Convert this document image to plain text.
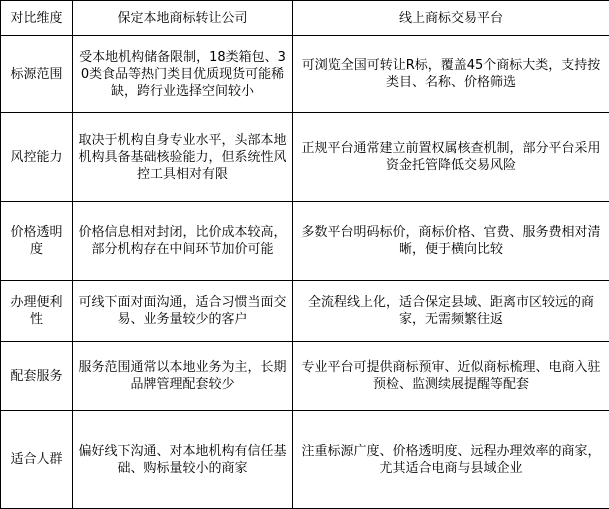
对比维度	保定本地商标转让公司	线上商标交易平台
标源范围	受本地机构储备限制，18类箱包、30类食品等热门类目优质现货可能稀缺，跨行业选择空间较小	可浏览全国可转让R标，覆盖45个商标大类，支持按类目、名称、价格筛选
风控能力	取决于机构自身专业水平，头部本地机构具备基础核验能力，但系统性风控工具相对有限	正规平台通常建立前置权属核查机制，部分平台采用资金托管降低交易风险
价格透明度	价格信息相对封闭，比价成本较高，部分机构存在中间环节加价可能	多数平台明码标价，商标价格、官费、服务费相对清晰，便于横向比较
办理便利性	可线下面对面沟通，适合习惯当面交易、业务量较少的客户	全流程线上化，适合保定县域、距离市区较远的商家，无需频繁往返
配套服务	服务范围通常以本地业务为主，长期品牌管理配套较少	专业平台可提供商标预审、近似商标梳理、电商入驻预检、监测续展提醒等配套
适合人群	偏好线下沟通、对本地机构有信任基础、购标量较小的商家	注重标源广度、价格透明度、远程办理效率的商家，尤其适合电商与县域企业
